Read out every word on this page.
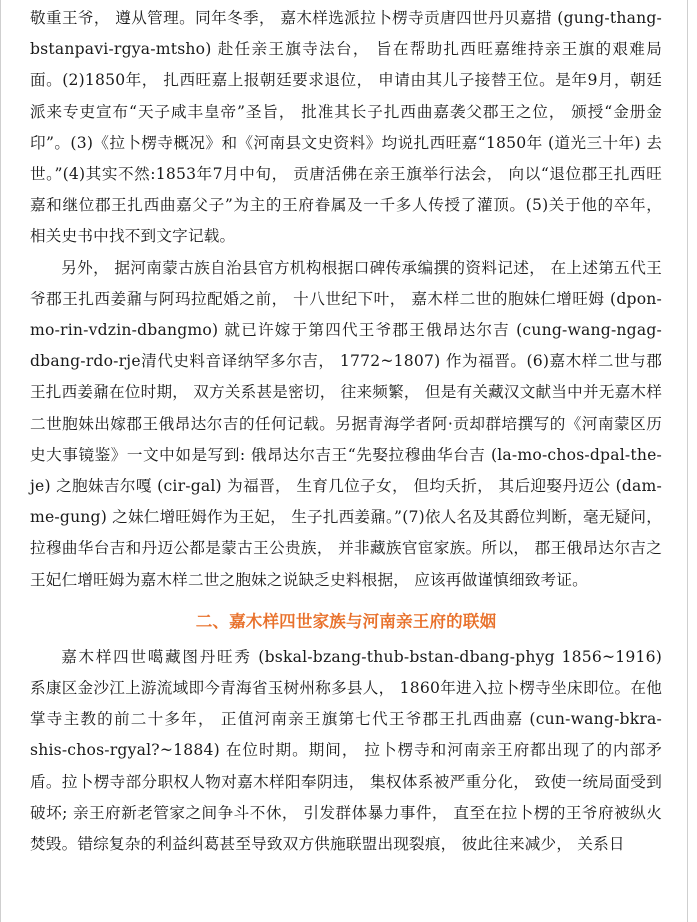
敬重王爷， 遵从管理。同年冬季， 嘉木样选派拉卜楞寺贡唐四世丹贝嘉措 (gung-thang-bstanpavi-rgya-mtsho) 赴任亲王旗寺法台， 旨在帮助扎西旺嘉维持亲王旗的艰难局面。(2)1850年， 扎西旺嘉上报朝廷要求退位， 申请由其儿子接替王位。是年9月，朝廷派来专吏宣布“天子咸丰皇帝”圣旨， 批准其长子扎西曲嘉袭父郡王之位， 颁授“金册金印”。(3)《拉卜楞寺概况》和《河南县文史资料》均说扎西旺嘉“1850年 (道光三十年) 去世。”(4)其实不然:1853年7月中旬， 贡唐活佛在亲王旗举行法会， 向以“退位郡王扎西旺嘉和继位郡王扎西曲嘉父子”为主的王府眷属及一千多人传授了灌顶。(5)关于他的卒年， 相关史书中找不到文字记载。

另外， 据河南蒙古族自治县官方机构根据口碑传承编撰的资料记述， 在上述第五代王爷郡王扎西姜鼐与阿玛拉配婚之前， 十八世纪下叶， 嘉木样二世的胞妹仁增旺姆 (dpon-mo-rin-vdzin-dbangmo) 就已许嫁于第四代王爷郡王俄昂达尔吉 (cung-wang-ngag-dbang-rdo-rje清代史料音译纳罕多尔吉， 1772~1807) 作为福晋。(6)嘉木样二世与郡王扎西姜鼐在位时期， 双方关系甚是密切， 往来频繁， 但是有关藏汉文献当中并无嘉木样二世胞妹出嫁郡王俄昂达尔吉的任何记载。另据青海学者阿·贡却群培撰写的《河南蒙区历史大事镜鉴》一文中如是写到: 俄昂达尔吉王“先娶拉穆曲华台吉 (la-mo-chos-dpal-the-je) 之胞妹吉尔嘎 (cir-gal) 为福晋， 生育几位子女， 但均夭折， 其后迎娶丹迈公 (dam-me-gung) 之妹仁增旺姆作为王妃， 生子扎西姜鼐。”(7)依人名及其爵位判断，毫无疑问， 拉穆曲华台吉和丹迈公都是蒙古王公贵族， 并非藏族官宦家族。所以， 郡王俄昂达尔吉之王妃仁增旺姆为嘉木样二世之胞妹之说缺乏史料根据， 应该再做谨慎细致考证。

二、嘉木样四世家族与河南亲王府的联姻

嘉木样四世噶藏图丹旺秀 (bskal-bzang-thub-bstan-dbang-phyg 1856~1916) 系康区金沙江上游流域即今青海省玉树州称多县人， 1860年进入拉卜楞寺坐床即位。在他掌寺主教的前二十多年， 正值河南亲王旗第七代王爷郡王扎西曲嘉 (cun-wang-bkra-shis-chos-rgyal?~1884) 在位时期。期间， 拉卜楞寺和河南亲王府都出现了的内部矛盾。拉卜楞寺部分职权人物对嘉木样阳奉阴违， 集权体系被严重分化， 致使一统局面受到破坏; 亲王府新老管家之间争斗不休， 引发群体暴力事件， 直至在拉卜楞的王爷府被纵火焚毁。错综复杂的利益纠葛甚至导致双方供施联盟出现裂痕， 彼此往来减少， 关系日
